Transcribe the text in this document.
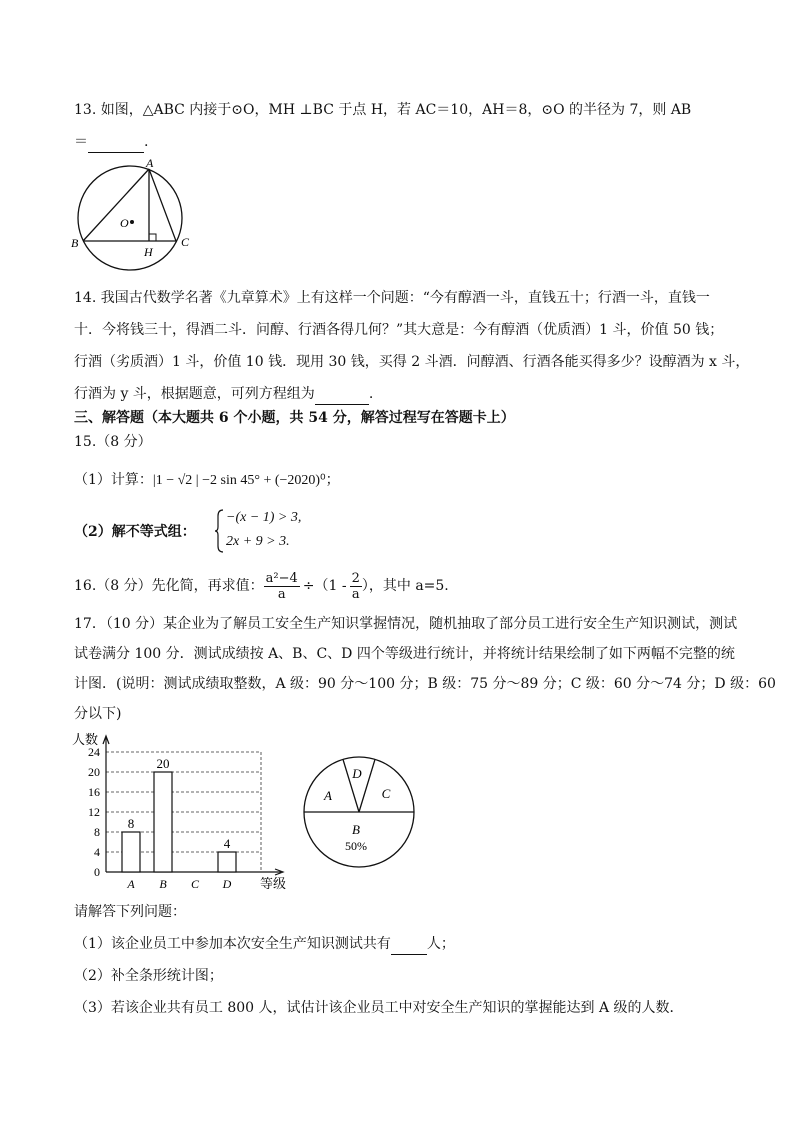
13. 如图，△ABC 内接于⊙O，MH ⊥BC 于点 H，若 AC＝10，AH＝8，⊙O 的半径为 7，则 AB
＝	.
A
B	C
H
O
14. 我国古代数学名著《九章算术》上有这样一个问题：“今有醇酒一斗，直钱五十；行酒一斗，直钱一
十．今将钱三十，得酒二斗．问醇、行酒各得几何？”其大意是：今有醇酒（优质酒）1 斗，价值 50 钱；
行酒（劣质酒）1 斗，价值 10 钱．现用 30 钱，买得 2 斗酒．问醇酒、行酒各能买得多少？设醇酒为 x 斗，
行酒为 y 斗，根据题意，可列方程组为	.
三、解答题（本大题共 6 个小题，共 54 分，解答过程写在答题卡上）
15.（8 分）
（1）计算：|1 − √2 | −2 sin 45° + (−2020)⁰；
（2）解不等式组：
−(x − 1) > 3,
2x + 9 > 3.
16.（8 分）先化简，再求值： $\frac{\text{a²−4}}{a} \div(1 - \frac{2}{a}$ ），其中 a=5.
17．（10 分）某企业为了解员工安全生产知识掌握情况，随机抽取了部分员工进行安全生产知识测试，测试
试卷满分 100 分．测试成绩按 A、B、C、D 四个等级进行统计，并将统计结果绘制了如下两幅不完整的统
计图．(说明：测试成绩取整数，A 级：90 分～100 分；B 级：75 分～89 分；C 级：60 分～74 分；D 级：60
分以下)
0
4
8
12
16
20
24
人数
等级
A
8
B
20
C D
4
A
D
C
B
50%
请解答下列问题：
（1）该企业员工中参加本次安全生产知识测试共有	人；
（2）补全条形统计图；
（3）若该企业共有员工 800 人，试估计该企业员工中对安全生产知识的掌握能达到 A 级的人数．
